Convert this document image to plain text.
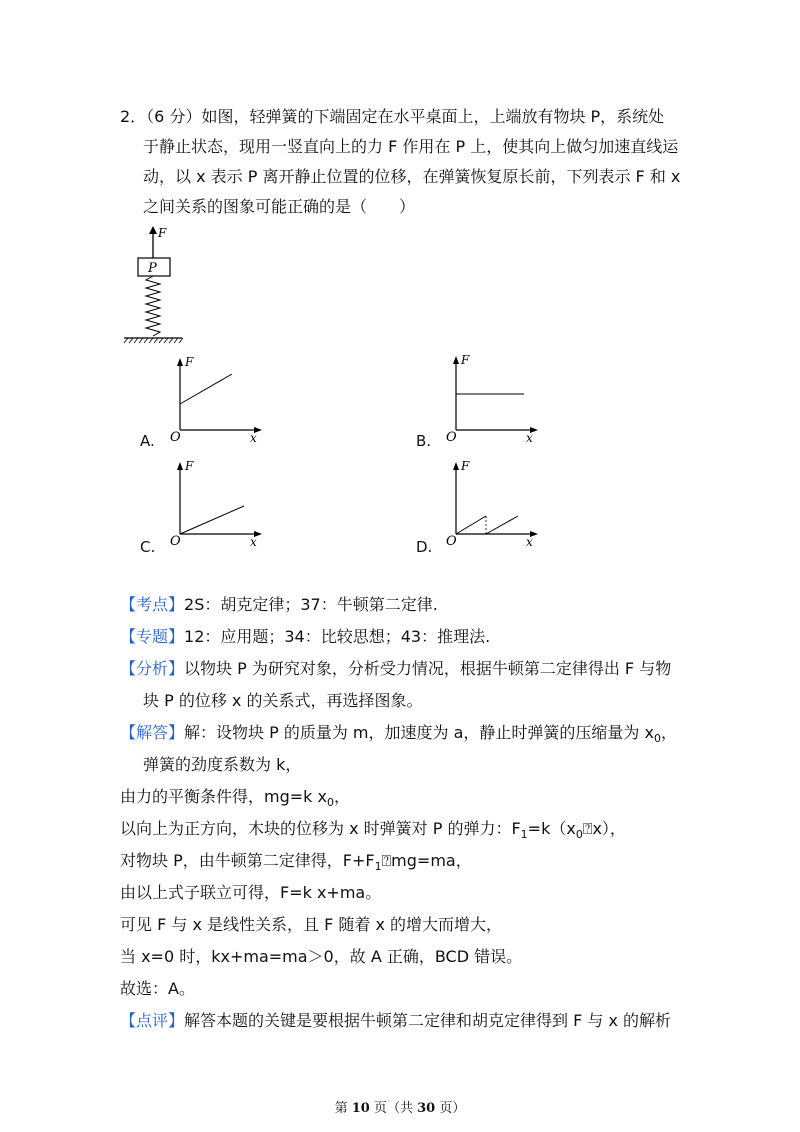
2．（6 分）如图，轻弹簧的下端固定在水平桌面上，上端放有物块 P，系统处
于静止状态，现用一竖直向上的力 F 作用在 P 上，使其向上做匀加速直线运
动，以 x 表示 P 离开静止位置的位移，在弹簧恢复原长前，下列表示 F 和 x
之间关系的图象可能正确的是（　　）
F
P
A.
F
O	x	B.
F
O	x
C.
F
O	x	D.
F
O	x
【考点】2S：胡克定律；37：牛顿第二定律.
【专题】12：应用题；34：比较思想；43：推理法.
【分析】以物块 P 为研究对象，分析受力情况，根据牛顿第二定律得出 F 与物
块 P 的位移 x 的关系式，再选择图象。
【解答】解：设物块 P 的质量为 m，加速度为 a，静止时弹簧的压缩量为 $x_0$，
弹簧的劲度系数为 k，
由力的平衡条件得，mg=k $x_0$，
以向上为正方向，木块的位移为 x 时弹簧对 P 的弹力：$F_1=k(x_0⍰x)$，
对物块 P，由牛顿第二定律得，$F+F_1⍰mg=ma$，
由以上式子联立可得，F=k x+ma。
可见 F 与 x 是线性关系，且 F 随着 x 的增大而增大，
当 x=0 时，kx+ma=ma＞0，故 A 正确，BCD 错误。
故选：A。
【点评】解答本题的关键是要根据牛顿第二定律和胡克定律得到 F 与 x 的解析
第 10 页（共 30 页）
